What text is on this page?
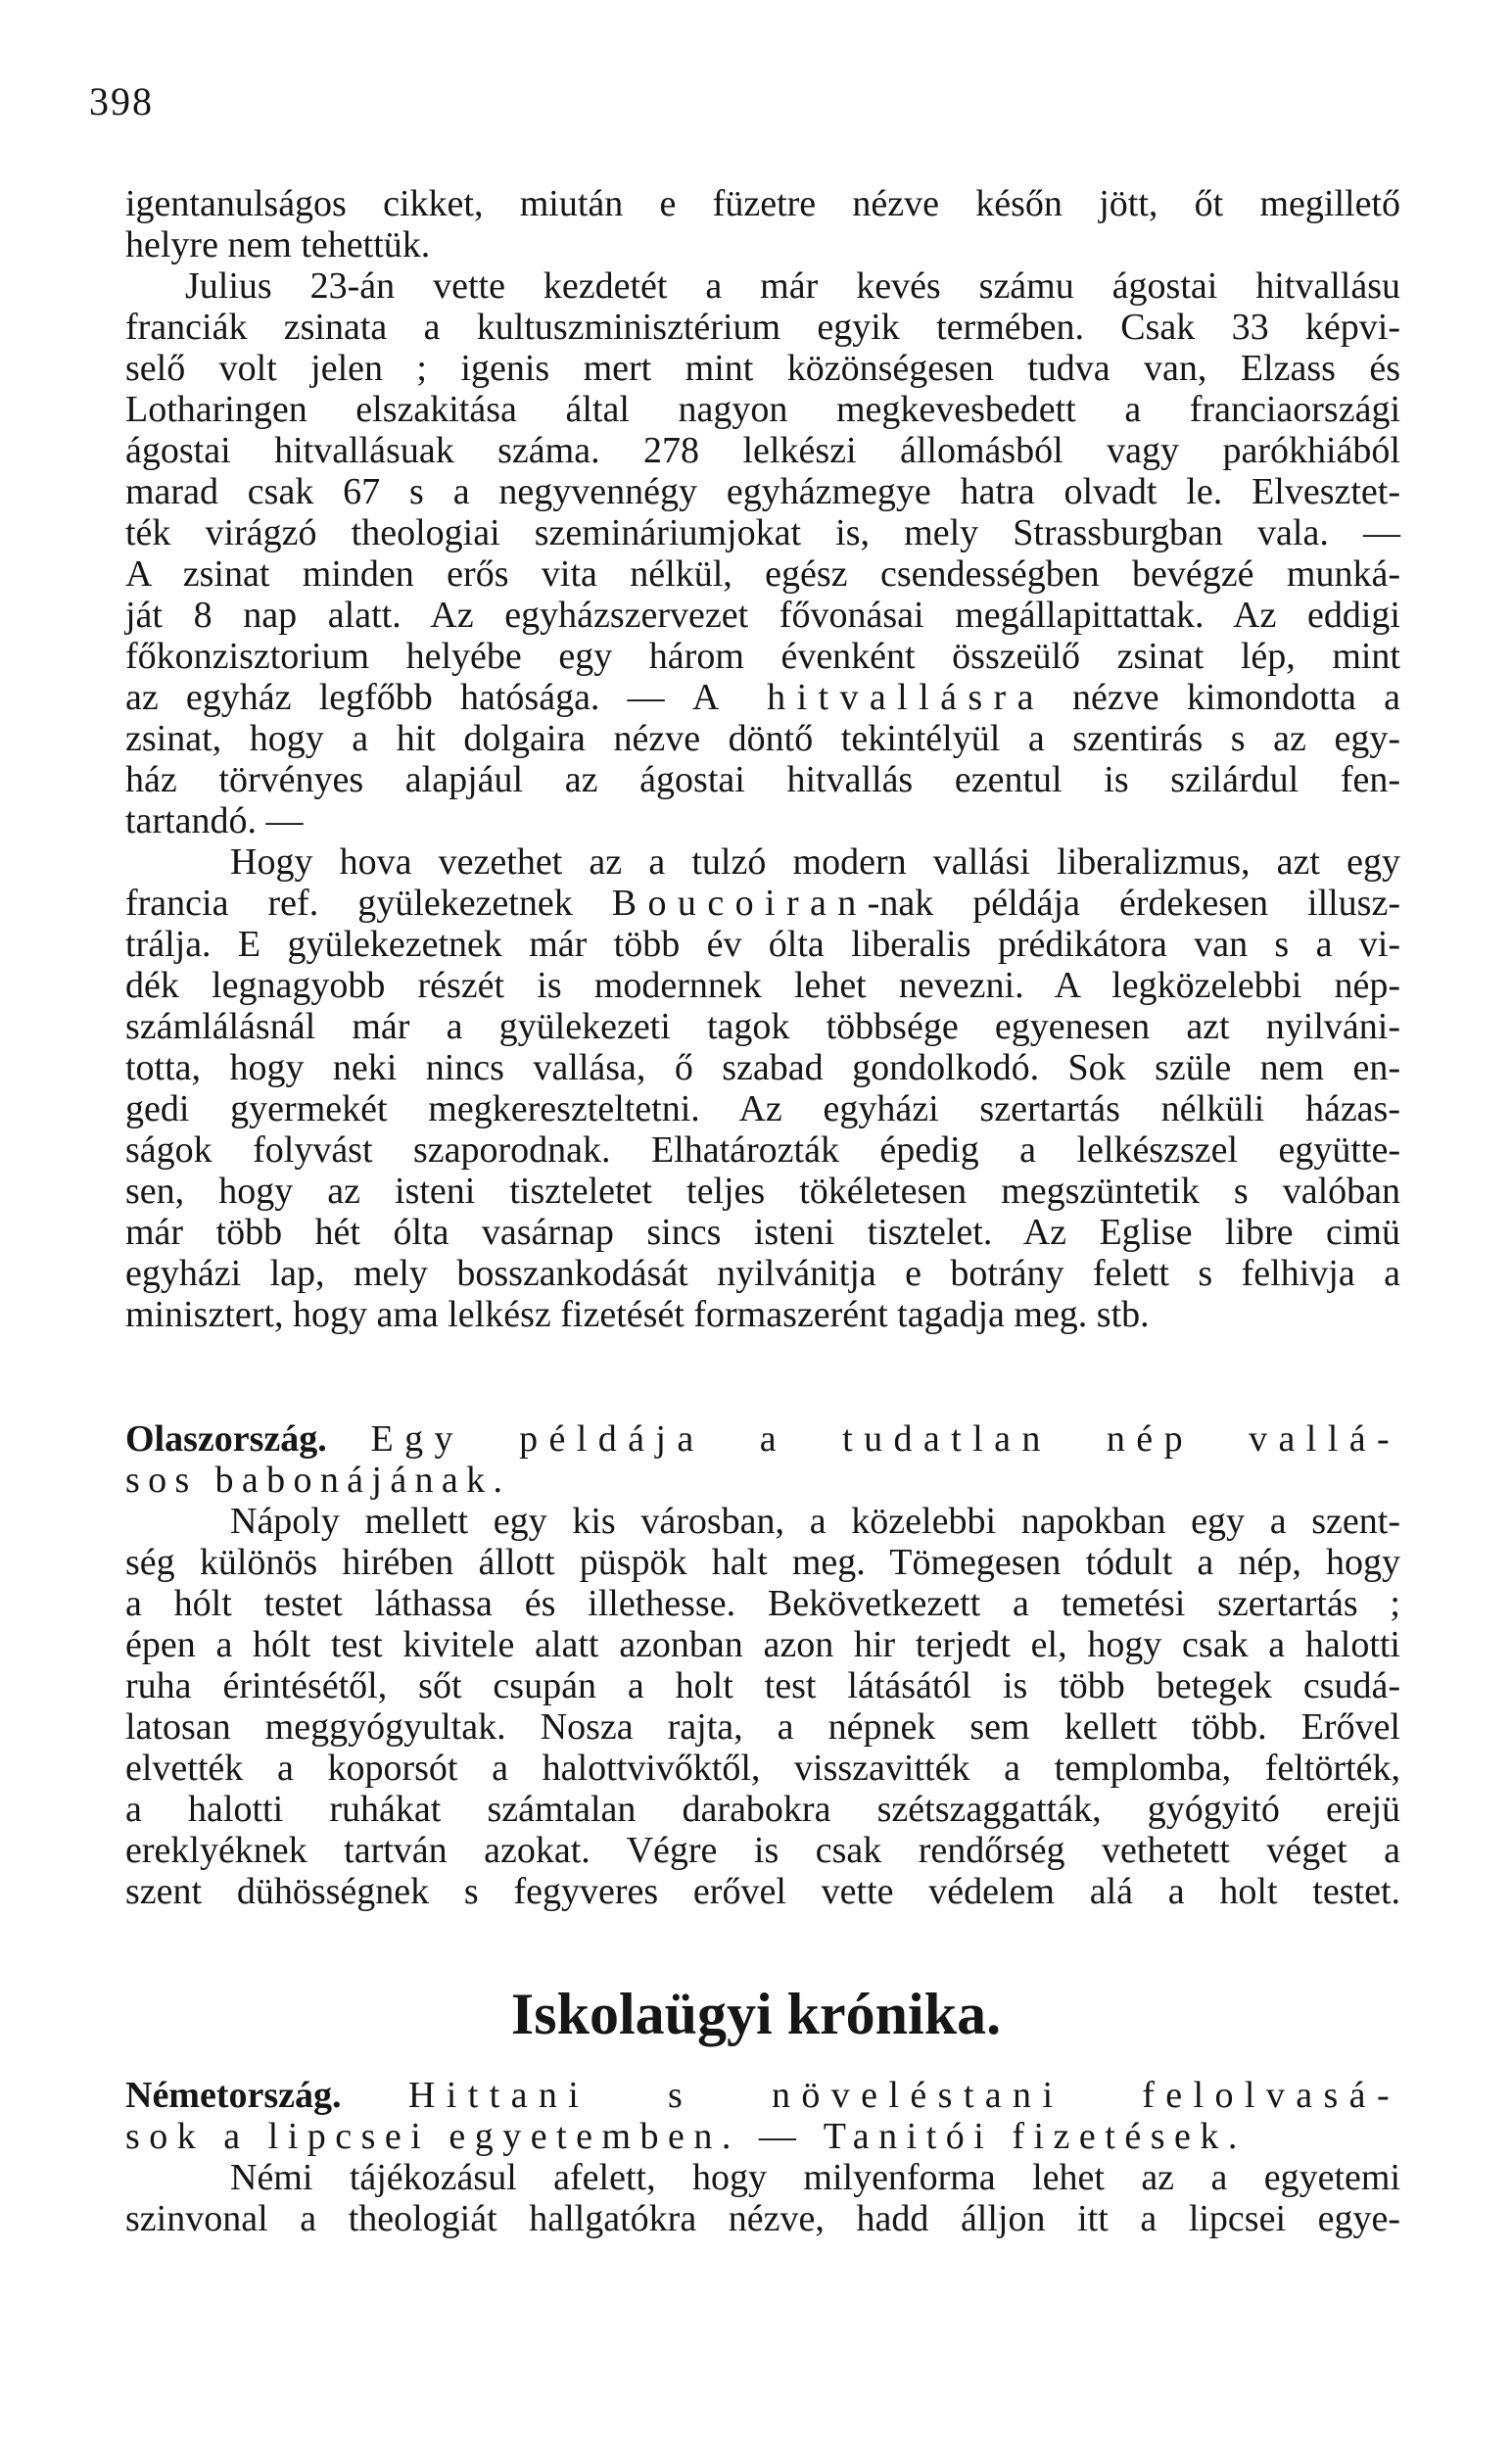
398
igentanulságos cikket, miután e füzetre nézve későn jött, őt megillető
helyre nem tehettük.
Julius 23-án vette kezdetét a már kevés számu ágostai hitvallásu
franciák zsinata a kultuszminisztérium egyik termében. Csak 33 képvi-
selő volt jelen ; igenis mert mint közönségesen tudva van, Elzass és
Lotharingen elszakitása által nagyon megkevesbedett a franciaországi
ágostai hitvallásuak száma. 278 lelkészi állomásból vagy parókhiából
marad csak 67 s a negyvennégy egyházmegye hatra olvadt le. Elvesztet-
ték virágzó theologiai szemináriumjokat is, mely Strassburgban vala. —
A zsinat minden erős vita nélkül, egész csendességben bevégzé munká-
ját 8 nap alatt. Az egyházszervezet fővonásai megállapittattak. Az eddigi
főkonzisztorium helyébe egy három évenként összeülő zsinat lép, mint
az egyház legfőbb hatósága. — A hitvallásra nézve kimondotta a
zsinat, hogy a hit dolgaira nézve döntő tekintélyül a szentirás s az egy-
ház törvényes alapjául az ágostai hitvallás ezentul is szilárdul fen-
tartandó. —
Hogy hova vezethet az a tulzó modern vallási liberalizmus, azt egy
francia ref. gyülekezetnek Boucoiran-nak példája érdekesen illusz-
trálja. E gyülekezetnek már több év ólta liberalis prédikátora van s a vi-
dék legnagyobb részét is modernnek lehet nevezni. A legközelebbi nép-
számlálásnál már a gyülekezeti tagok többsége egyenesen azt nyilváni-
totta, hogy neki nincs vallása, ő szabad gondolkodó. Sok szüle nem en-
gedi gyermekét megkereszteltetni. Az egyházi szertartás nélküli házas-
ságok folyvást szaporodnak. Elhatározták épedig a lelkészszel együtte-
sen, hogy az isteni tiszteletet teljes tökéletesen megszüntetik s valóban
már több hét ólta vasárnap sincs isteni tisztelet. Az Eglise libre cimü
egyházi lap, mely bosszankodását nyilvánitja e botrány felett s felhivja a
minisztert, hogy ama lelkész fizetését formaszerént tagadja meg. stb.
Olaszország. Egy példája a tudatlan nép vallá-
sos babonájának.
Nápoly mellett egy kis városban, a közelebbi napokban egy a szent-
ség különös hirében állott püspök halt meg. Tömegesen tódult a nép, hogy
a hólt testet láthassa és illethesse. Bekövetkezett a temetési szertartás ;
épen a hólt test kivitele alatt azonban azon hir terjedt el, hogy csak a halotti
ruha érintésétől, sőt csupán a holt test látásától is több betegek csudá-
latosan meggyógyultak. Nosza rajta, a népnek sem kellett több. Erővel
elvették a koporsót a halottvivőktől, visszavitték a templomba, feltörték,
a halotti ruhákat számtalan darabokra szétszaggatták, gyógyitó erejü
ereklyéknek tartván azokat. Végre is csak rendőrség vethetett véget a
szent dühösségnek s fegyveres erővel vette védelem alá a holt testet.
Iskolaügyi krónika.
Németország. Hittani s növeléstani felolvasá-
sok a lipcsei egyetemben. — Tanitói fizetések.
Némi tájékozásul afelett, hogy milyenforma lehet az a egyetemi
szinvonal a theologiát hallgatókra nézve, hadd álljon itt a lipcsei egye-
